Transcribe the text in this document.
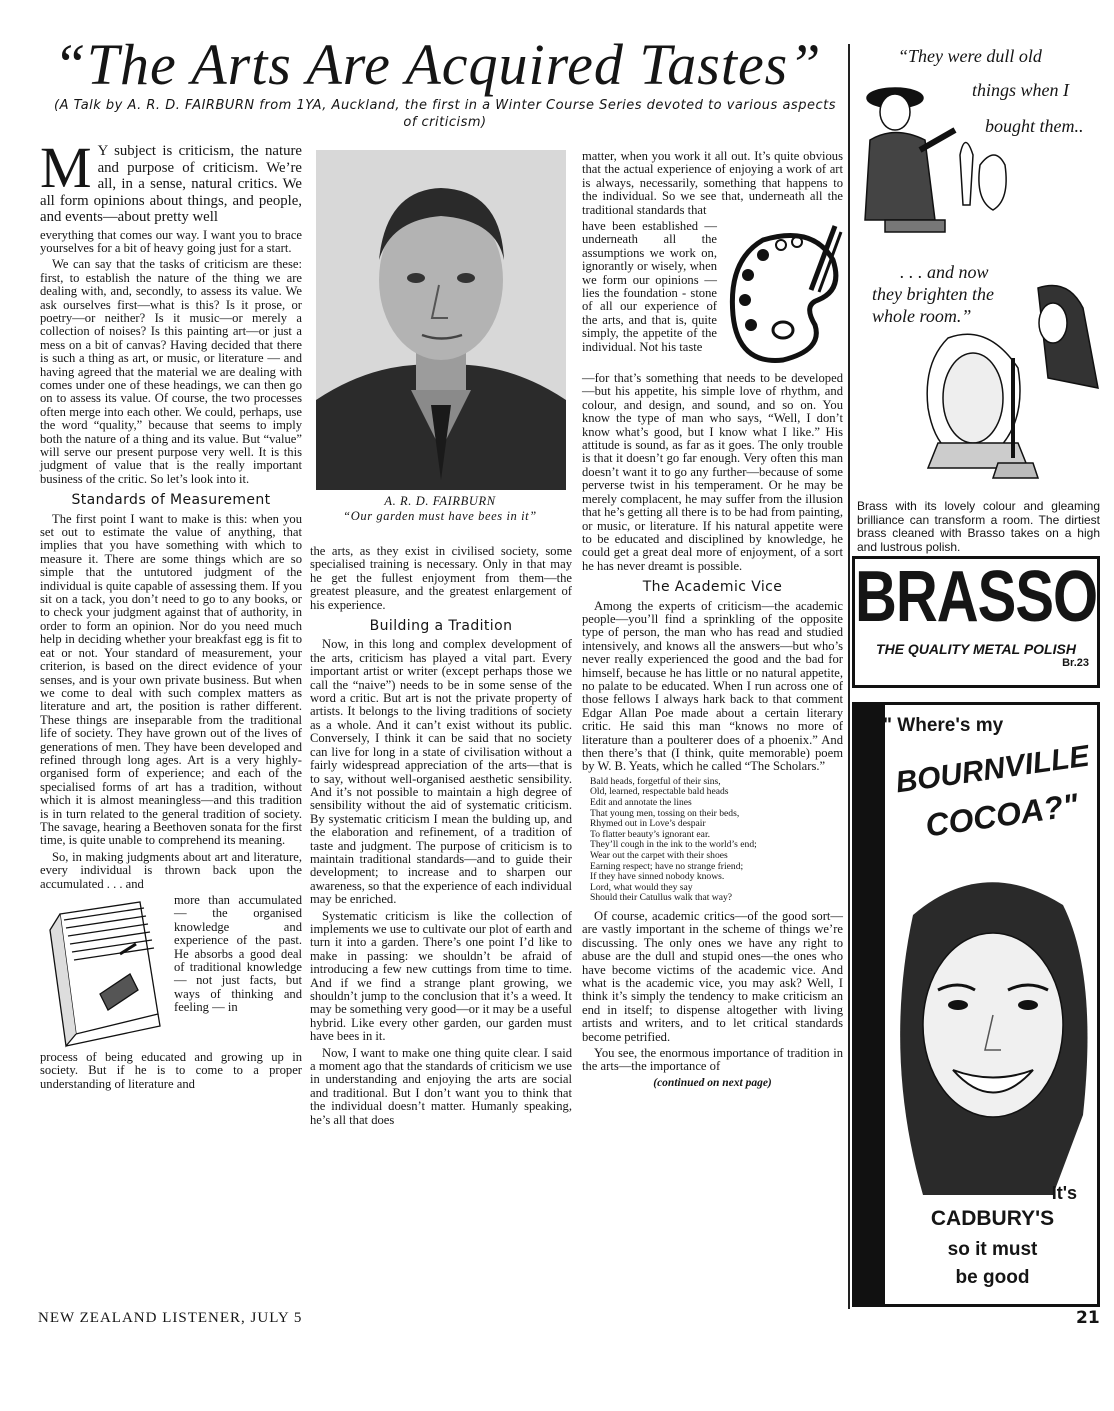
“The Arts Are Acquired Tastes”
(A Talk by A. R. D. FAIRBURN from 1YA, Auckland, the first in a Winter Course Series devoted to various aspects of criticism)

M Y subject is criticism, the nature and purpose of criticism. We’re all, in a sense, natural critics. We all form opinions about things, and people, and events—about pretty well

everything that comes our way. I want you to brace yourselves for a bit of heavy going just for a start.

We can say that the tasks of criticism are these: first, to establish the nature of the thing we are dealing with, and, secondly, to assess its value. We ask ourselves first—what is this? Is it prose, or poetry—or neither? Is it music—or merely a collection of noises? Is this painting art—or just a mess on a bit of canvas? Having decided that there is such a thing as art, or music, or literature — and having agreed that the material we are dealing with comes under one of these headings, we can then go on to assess its value. Of course, the two processes often merge into each other. We could, perhaps, use the word “quality,” because that seems to imply both the nature of a thing and its value. But “value” will serve our present purpose very well. It is this judgment of value that is the really important business of the critic. So let’s look into it.

Standards of Measurement

The first point I want to make is this: when you set out to estimate the value of anything, that implies that you have something with which to measure it. There are some things which are so simple that the untutored judgment of the individual is quite capable of assessing them. If you sit on a tack, you don’t need to go to any books, or to check your judgment against that of authority, in order to form an opinion. Nor do you need much help in deciding whether your breakfast egg is fit to eat or not. Your standard of measurement, your criterion, is based on the direct evidence of your senses, and is your own private business. But when we come to deal with such complex matters as literature and art, the position is rather different. These things are inseparable from the traditional life of society. They have grown out of the lives of generations of men. They have been developed and refined through long ages. Art is a very highly-organised form of experience; and each of the specialised forms of art has a tradition, without which it is almost meaningless—and this tradition is in turn related to the general tradition of society. The savage, hearing a Beethoven sonata for the first time, is quite unable to comprehend its meaning.

So, in making judgments about art and literature, every individual is thrown back upon the accumulated . . . and

more than accumulated — the organised knowledge and experience of the past. He absorbs a good deal of traditional knowledge — not just facts, but ways of thinking and feeling — in

process of being educated and growing up in society. But if he is to come to a proper understanding of literature and

A. R. D. FAIRBURN
“Our garden must have bees in it”

the arts, as they exist in civilised society, some specialised training is necessary. Only in that may he get the fullest enjoyment from them—the greatest pleasure, and the greatest enlargement of his experience.

Building a Tradition

Now, in this long and complex development of the arts, criticism has played a vital part. Every important artist or writer (except perhaps those we call the “naive”) needs to be in some sense of the word a critic. But art is not the private property of artists. It belongs to the living traditions of society as a whole. And it can’t exist without its public. Conversely, I think it can be said that no society can live for long in a state of civilisation without a fairly widespread appreciation of the arts—that is to say, without well-organised aesthetic sensibility. And it’s not possible to maintain a high degree of sensibility without the aid of systematic criticism. By systematic criticism I mean the bulding up, and the elaboration and refinement, of a tradition of taste and judgment. The purpose of criticism is to maintain traditional standards—and to guide their development; to increase and to sharpen our awareness, so that the experience of each individual may be enriched.

Systematic criticism is like the collection of implements we use to cultivate our plot of earth and turn it into a garden. There’s one point I’d like to make in passing: we shouldn’t be afraid of introducing a few new cuttings from time to time. And if we find a strange plant growing, we shouldn’t jump to the conclusion that it’s a weed. It may be something very good—or it may be a useful hybrid. Like every other garden, our garden must have bees in it.

Now, I want to make one thing quite clear. I said a moment ago that the standards of criticism we use in understanding and enjoying the arts are social and traditional. But I don’t want you to think that the individual doesn’t matter. Humanly speaking, he’s all that does

matter, when you work it all out. It’s quite obvious that the actual experience of enjoying a work of art is always, necessarily, something that happens to the individual. So we see that, underneath all the traditional standards that

have been established — underneath all the assumptions we work on, ignorantly or wisely, when we form our opinions — lies the foundation - stone of all our experience of the arts, and that is, quite simply, the appetite of the individual. Not his taste

—for that’s something that needs to be developed—but his appetite, his simple love of rhythm, and colour, and design, and sound, and so on. You know the type of man who says, “Well, I don’t know what’s good, but I know what I like.” His attitude is sound, as far as it goes. The only trouble is that it doesn’t go far enough. Very often this man doesn’t want it to go any further—because of some perverse twist in his temperament. Or he may be merely complacent, he may suffer from the illusion that he’s getting all there is to be had from painting, or music, or literature. If his natural appetite were to be educated and disciplined by knowledge, he could get a great deal more of enjoyment, of a sort he has never dreamt is possible.

The Academic Vice

Among the experts of criticism—the academic people—you’ll find a sprinkling of the opposite type of person, the man who has read and studied intensively, and knows all the answers—but who’s never really experienced the good and the bad for himself, because he has little or no natural appetite, no palate to be educated. When I run across one of those fellows I always hark back to that comment Edgar Allan Poe made about a certain literary critic. He said this man “knows no more of literature than a poulterer does of a phoenix.” And then there’s that (I think, quite memorable) poem by W. B. Yeats, which he called “The Scholars.”

Bald heads, forgetful of their sins,
Old, learned, respectable bald heads
Edit and annotate the lines
That young men, tossing on their beds,
Rhymed out in Love’s despair
To flatter beauty’s ignorant ear.
They’ll cough in the ink to the world’s end;
Wear out the carpet with their shoes
Earning respect; have no strange friend;
If they have sinned nobody knows.
Lord, what would they say
Should their Catullus walk that way?

Of course, academic critics—of the good sort—are vastly important in the scheme of things we’re discussing. The only ones we have any right to abuse are the dull and stupid ones—the ones who have become victims of the academic vice. And what is the academic vice, you may ask? Well, I think it’s simply the tendency to make criticism an end in itself; to dispense altogether with living artists and writers, and to let critical standards become petrified.

You see, the enormous importance of tradition in the arts—the importance of

(continued on next page)
“They were dull old
things when I
bought them..
. . . and now
they brighten the
whole room.”
Brass with its lovely colour and gleaming brilliance can transform a room. The dirtiest brass cleaned with Brasso takes on a high and lustrous polish.
BRASSO
THE QUALITY METAL POLISH
Br.23
" Where's my
BOURNVILLE
COCOA?"
It's
CADBURY'S
so it must
be good
NEW ZEALAND LISTENER, JULY 5	21
